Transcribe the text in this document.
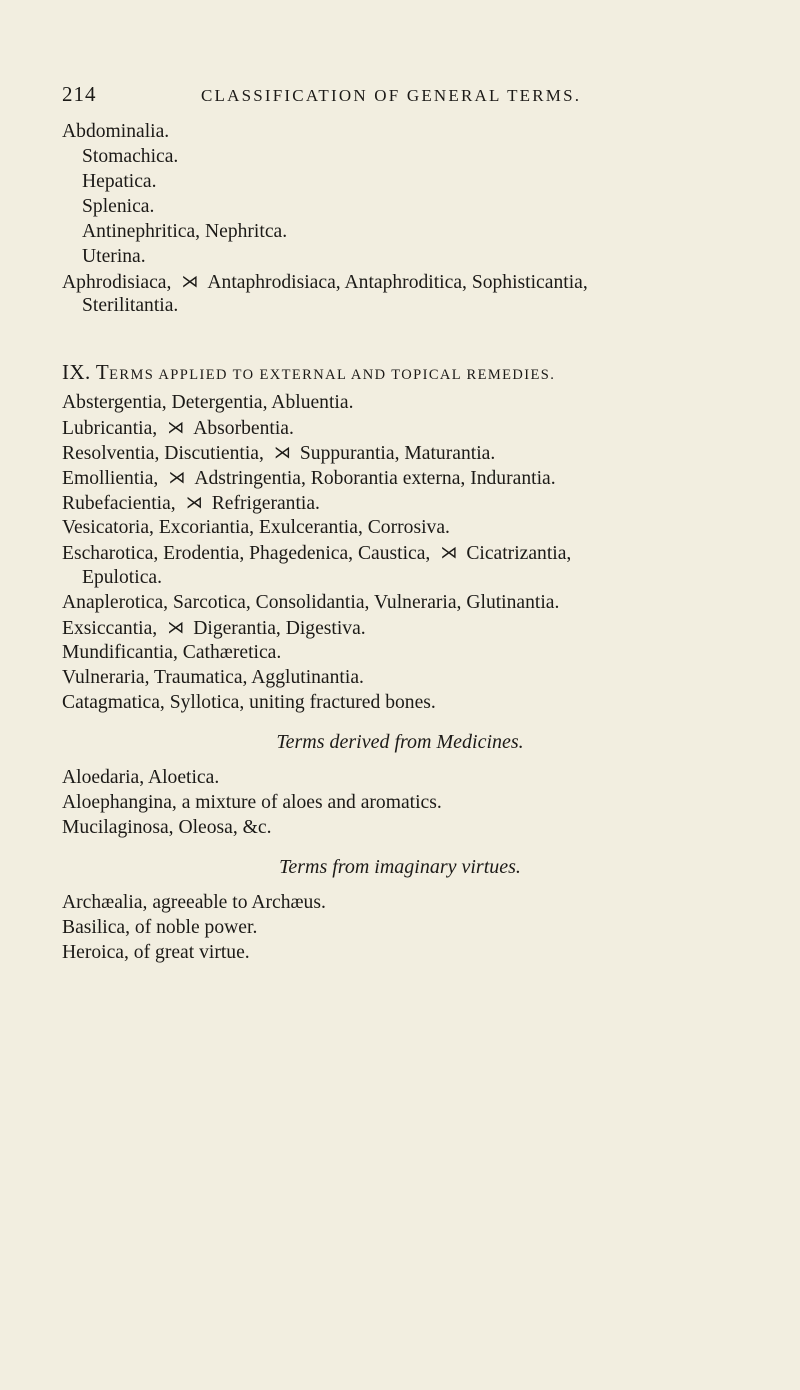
214	CLASSIFICATION OF GENERAL TERMS.
Abdominalia.
Stomachica.
Hepatica.
Splenica.
Antinephritica, Nephritca.
Uterina.
Aphrodisiaca, ⋊ Antaphrodisiaca, Antaphroditica, Sophisticantia,
Sterilitantia.
IX. TERMS APPLIED TO EXTERNAL AND TOPICAL REMEDIES.
Abstergentia, Detergentia, Abluentia.
Lubricantia, ⋊ Absorbentia.
Resolventia, Discutientia, ⋊ Suppurantia, Maturantia.
Emollientia, ⋊ Adstringentia, Roborantia externa, Indurantia.
Rubefacientia, ⋊ Refrigerantia.
Vesicatoria, Excoriantia, Exulcerantia, Corrosiva.
Escharotica, Erodentia, Phagedenica, Caustica, ⋊ Cicatrizantia,
Epulotica.
Anaplerotica, Sarcotica, Consolidantia, Vulneraria, Glutinantia.
Exsiccantia, ⋊ Digerantia, Digestiva.
Mundificantia, Cathæretica.
Vulneraria, Traumatica, Agglutinantia.
Catagmatica, Syllotica, uniting fractured bones.
Terms derived from Medicines.
Aloedaria, Aloetica.
Aloephangina, a mixture of aloes and aromatics.
Mucilaginosa, Oleosa, &c.
Terms from imaginary virtues.
Archæalia, agreeable to Archæus.
Basilica, of noble power.
Heroica, of great virtue.
